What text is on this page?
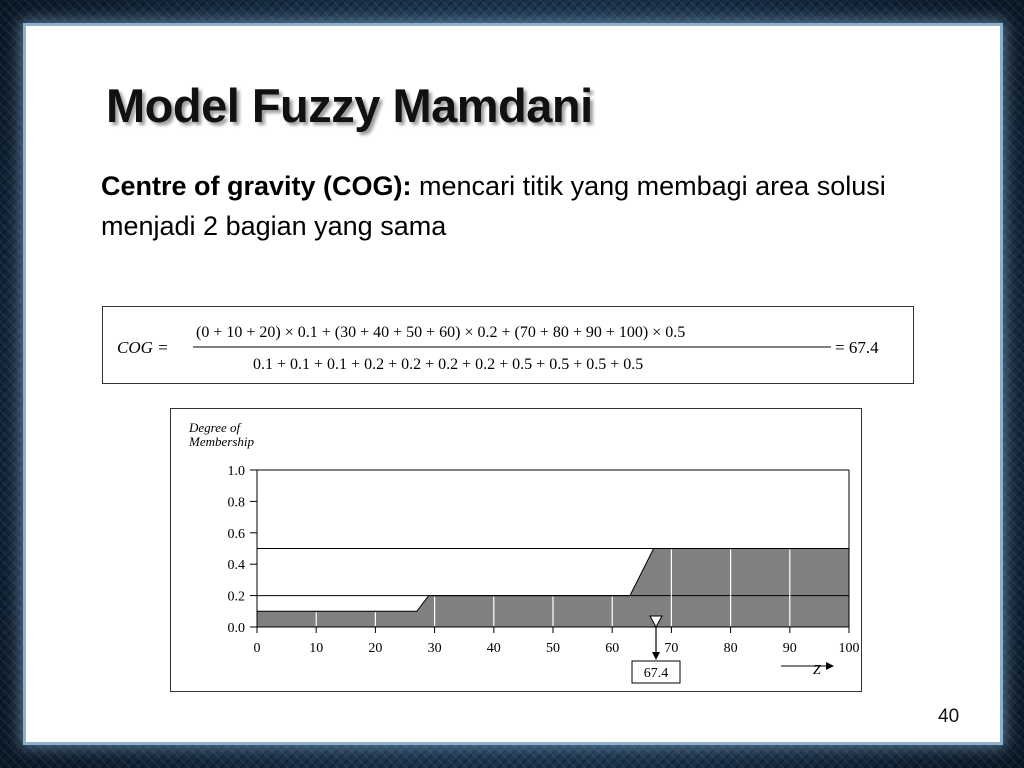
Model Fuzzy Mamdani
Centre of gravity (COG): mencari titik yang membagi area solusi menjadi 2 bagian yang sama
COG =
(0 + 10 + 20) × 0.1 + (30 + 40 + 50 + 60) × 0.2 + (70 + 80 + 90 + 100) × 0.5
0.1 + 0.1 + 0.1 + 0.2 + 0.2 + 0.2 + 0.2 + 0.5 + 0.5 + 0.5 + 0.5
= 67.4
Degree of
Membership
Z
0.0
0.2
0.4
0.6
0.8
1.0
0	10	20	30	40	50	60	70	80	90	100
67.4
40
